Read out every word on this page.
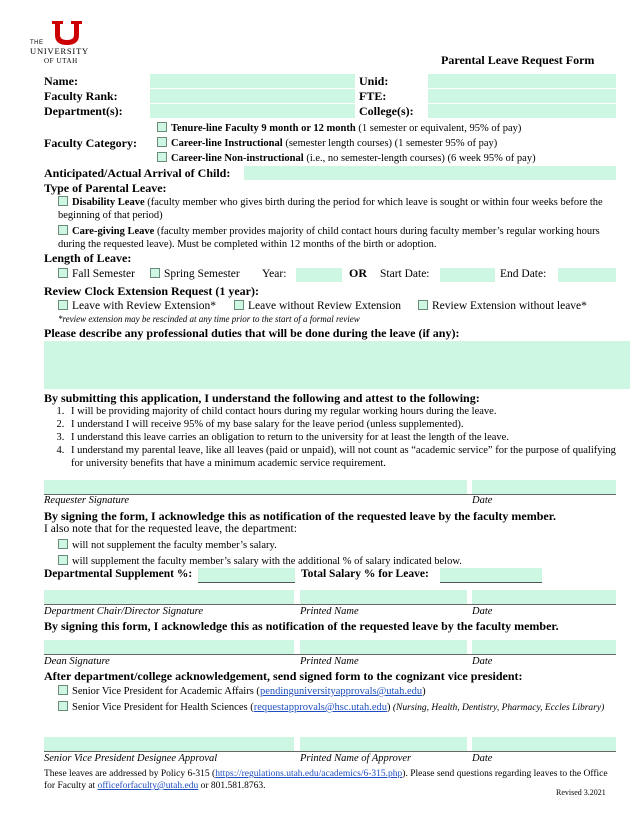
THE
UNIVERSITY
OF UTAH	Parental Leave Request Form
Name:	Unid:
Faculty Rank:	FTE:
Department(s):	College(s):
Faculty Category:
Tenure-line Faculty 9 month or 12 month (1 semester or equivalent, 95% of pay)
Career-line Instructional (semester length courses) (1 semester 95% of pay)
Career-line Non-instructional (i.e., no semester-length courses) (6 week 95% of pay)
Anticipated/Actual Arrival of Child:
Type of Parental Leave:
Disability Leave (faculty member who gives birth during the period for which leave is sought or within four weeks before the beginning of that period)
Care-giving Leave (faculty member provides majority of child contact hours during faculty member’s regular working hours during the requested leave). Must be completed within 12 months of the birth or adoption.
Length of Leave:
Fall Semester	Spring Semester Year:	OR Start Date:	End Date:
Review Clock Extension Request (1 year):
Leave with Review Extension*	Leave without Review Extension	Review Extension without leave*
*review extension may be rescinded at any time prior to the start of a formal review
Please describe any professional duties that will be done during the leave (if any):
By submitting this application, I understand the following and attest to the following:
1. I will be providing majority of child contact hours during my regular working hours during the leave.
2. I understand I will receive 95% of my base salary for the leave period (unless supplemented).
3. I understand this leave carries an obligation to return to the university for at least the length of the leave.
4. I understand my parental leave, like all leaves (paid or unpaid), will not count as “academic service” for the purpose of qualifying for university benefits that have a minimum academic service requirement.
Requester Signature	Date
By signing the form, I acknowledge this as notification of the requested leave by the faculty member.
I also note that for the requested leave, the department:
will not supplement the faculty member’s salary.
will supplement the faculty member’s salary with the additional % of salary indicated below.
Departmental Supplement %:	Total Salary % for Leave:
Department Chair/Director Signature	Printed Name	Date
By signing this form, I acknowledge this as notification of the requested leave by the faculty member.
Dean Signature	Printed Name	Date
After department/college acknowledgement, send signed form to the cognizant vice president:
Senior Vice President for Academic Affairs (pendinguniversityapprovals@utah.edu)
Senior Vice President for Health Sciences (requestapprovals@hsc.utah.edu) (Nursing, Health, Dentistry, Pharmacy, Eccles Library)
Senior Vice President Designee Approval	Printed Name of Approver	Date
These leaves are addressed by Policy 6-315 (https://regulations.utah.edu/academics/6-315.php). Please send questions regarding leaves to the Office for Faculty at officeforfaculty@utah.edu or 801.581.8763.
Revised 3.2021
